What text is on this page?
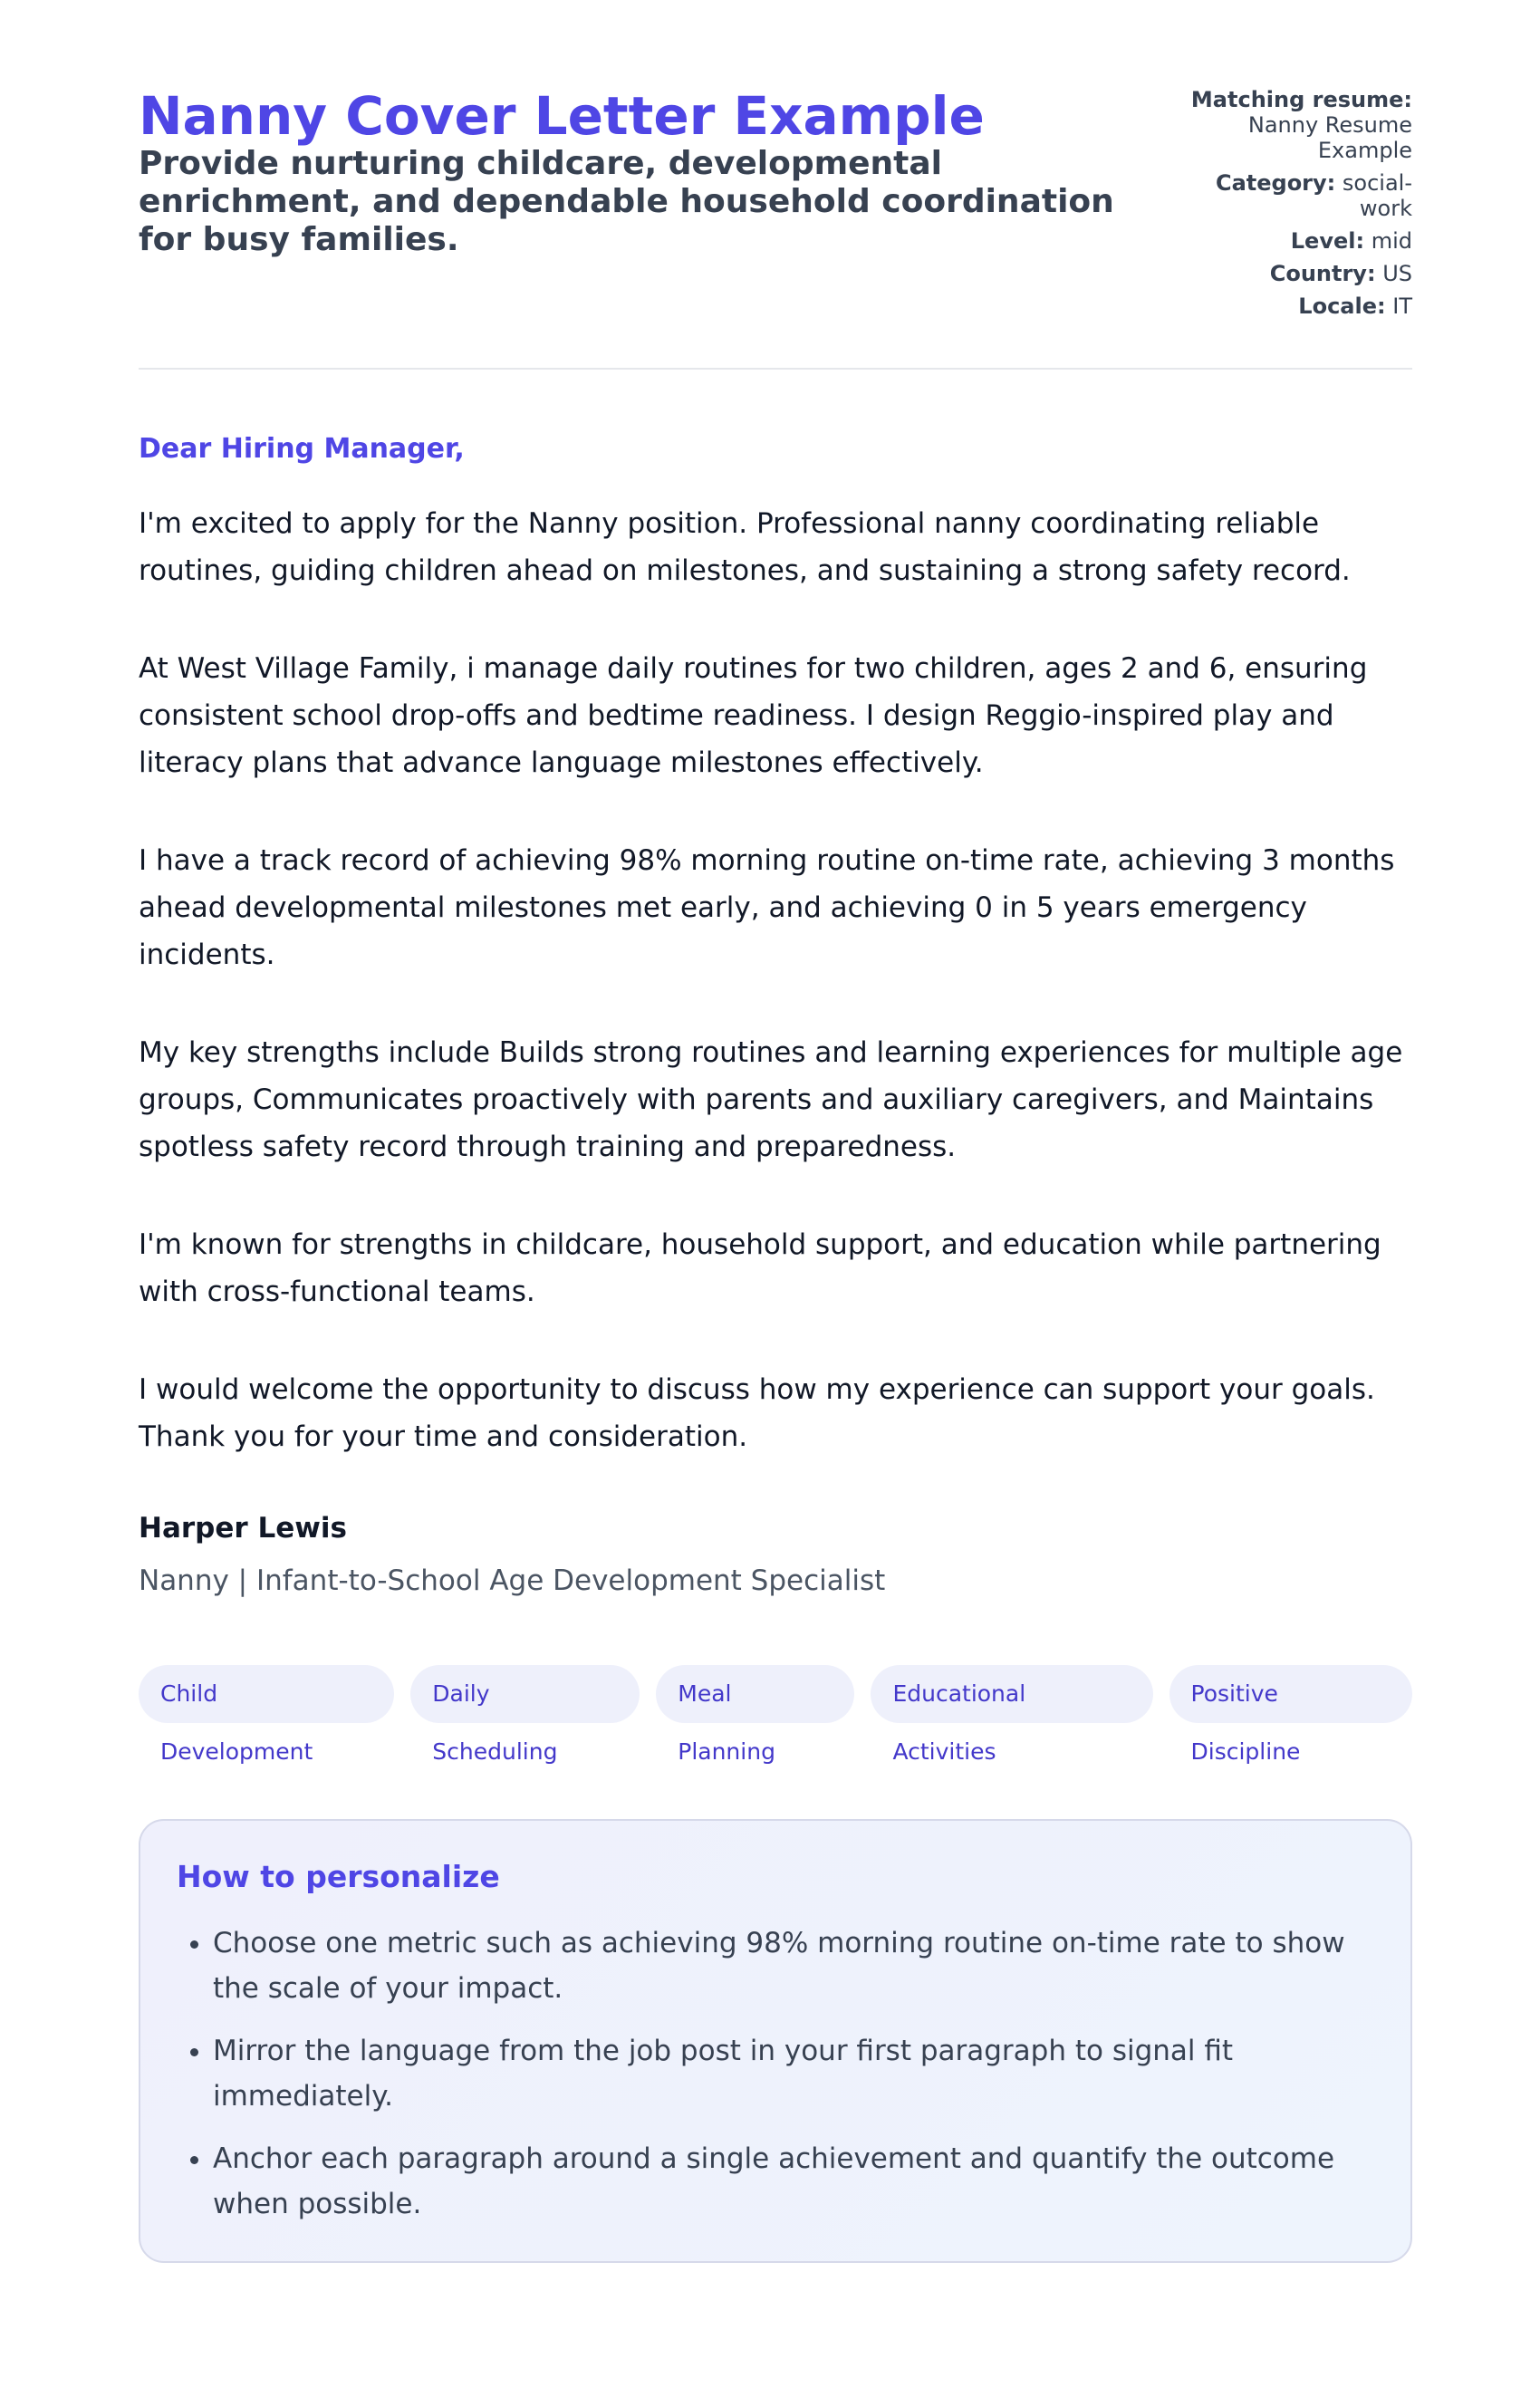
Nanny Cover Letter Example
Provide nurturing childcare, developmental enrichment, and dependable household coordination for busy families.
Matching resume: Nanny Resume Example
Category: social-work
Level: mid
Country: US
Locale: IT

Dear Hiring Manager,

I'm excited to apply for the Nanny position. Professional nanny coordinating reliable routines, guiding children ahead on milestones, and sustaining a strong safety record.

At West Village Family, i manage daily routines for two children, ages 2 and 6, ensuring consistent school drop-offs and bedtime readiness. I design Reggio-inspired play and literacy plans that advance language milestones effectively.

I have a track record of achieving 98% morning routine on-time rate, achieving 3 months ahead developmental milestones met early, and achieving 0 in 5 years emergency incidents.

My key strengths include Builds strong routines and learning experiences for multiple age groups, Communicates proactively with parents and auxiliary caregivers, and Maintains spotless safety record through training and preparedness.

I'm known for strengths in childcare, household support, and education while partnering with cross-functional teams.

I would welcome the opportunity to discuss how my experience can support your goals. Thank you for your time and consideration.

Harper Lewis
Nanny | Infant-to-School Age Development Specialist
Child Development
Daily Scheduling
Meal Planning
Educational Activities
Positive Discipline
How to personalize
• Choose one metric such as achieving 98% morning routine on-time rate to show the scale of your impact.
• Mirror the language from the job post in your first paragraph to signal fit immediately.
• Anchor each paragraph around a single achievement and quantify the outcome when possible.
